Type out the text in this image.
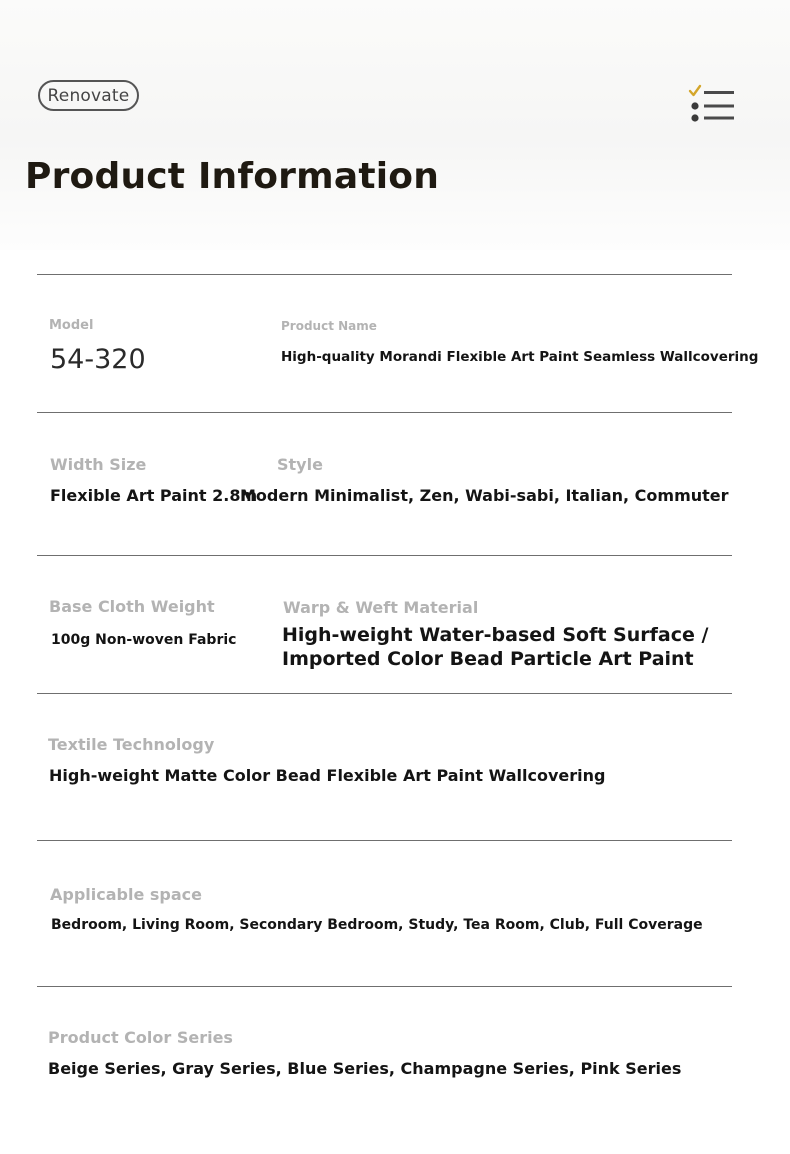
Renovate
Product Information
Model
54-320
Product Name
High-quality Morandi Flexible Art Paint Seamless Wallcovering
Width Size	Style
Flexible Art Paint 2.8m
Modern Minimalist, Zen, Wabi-sabi, Italian, Commuter
Base Cloth Weight
100g Non-woven Fabric
Warp & Weft Material
High-weight Water-based Soft Surface /
Imported Color Bead Particle Art Paint
Textile Technology
High-weight Matte Color Bead Flexible Art Paint Wallcovering
Applicable space
Bedroom, Living Room, Secondary Bedroom, Study, Tea Room, Club, Full Coverage
Product Color Series
Beige Series, Gray Series, Blue Series, Champagne Series, Pink Series
